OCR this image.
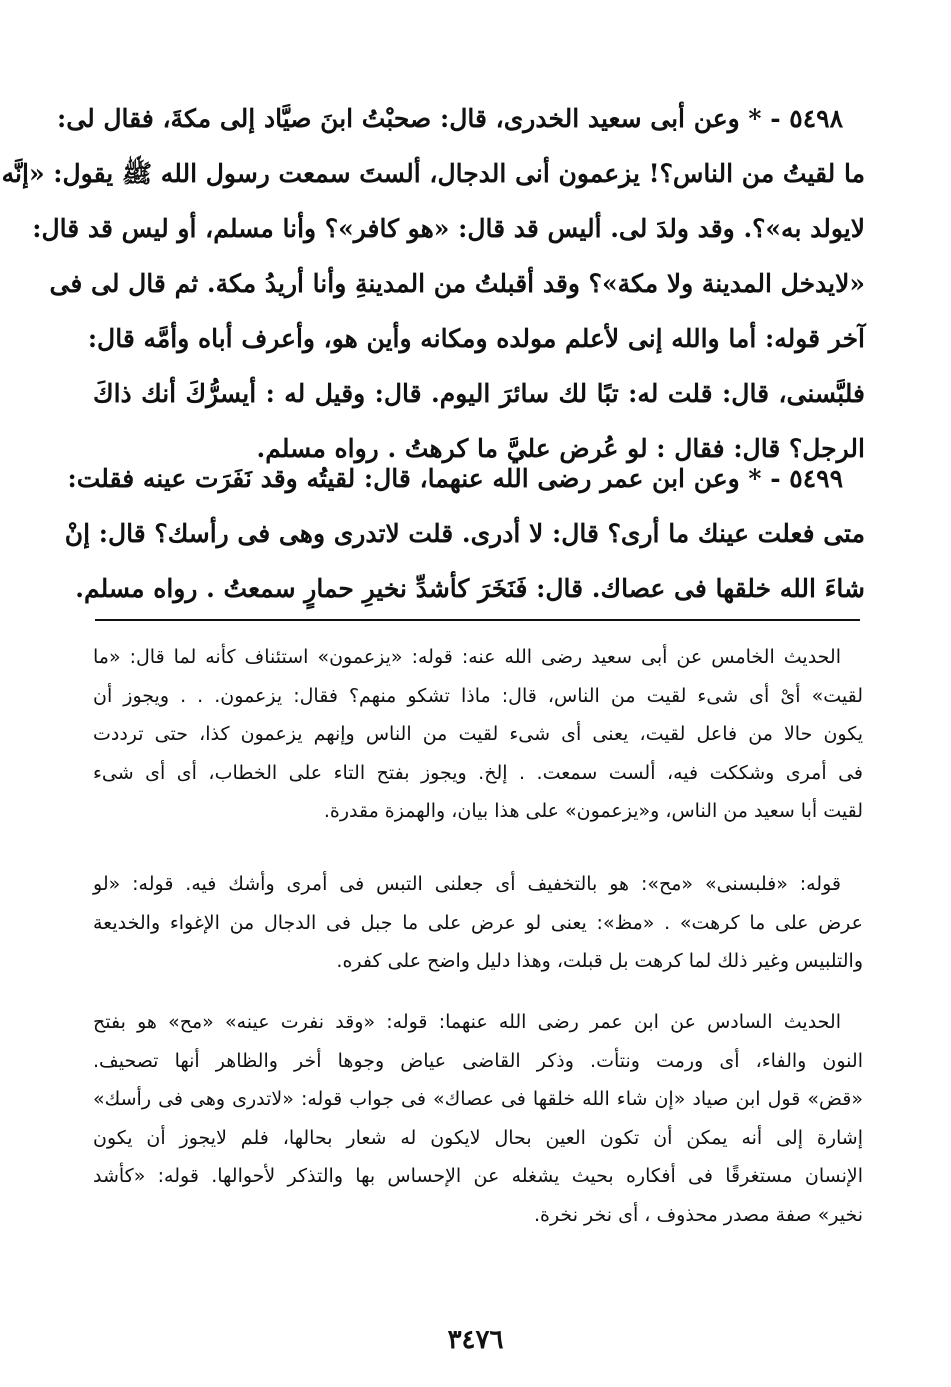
٥٤٩٨ - * وعن أبى سعيد الخدرى، قال: صحبْتُ ابنَ صيَّاد إلى مكةَ، فقال لى:
ما لقيتُ من الناس؟! يزعمون أنى الدجال، ألستَ سمعت رسول الله ﷺ يقول: «إنَّه
لايولد به»؟. وقد ولدَ لى. أليس قد قال: «هو كافر»؟ وأنا مسلم، أو ليس قد قال:
«لايدخل المدينة ولا مكة»؟ وقد أقبلتُ من المدينةِ وأنا أريدُ مكة. ثم قال لى فى
آخر قوله: أما والله إنى لأعلم مولده ومكانه وأين هو، وأعرف أباه وأمَّه قال:
فلبَّسنى، قال: قلت له: تبًا لك سائرَ اليوم. قال: وقيل له : أيسرُّكَ أنك ذاكَ
الرجل؟ قال: فقال : لو عُرض عليَّ ما كرهتُ . رواه مسلم.
٥٤٩٩ - * وعن ابن عمر رضى الله عنهما، قال: لقيتُه وقد نَفَرَت عينه فقلت:
متى فعلت عينك ما أرى؟ قال: لا أدرى. قلت لاتدرى وهى فى رأسك؟ قال: إنْ
شاءَ الله خلقها فى عصاك. قال: فَنَخَرَ كأشدِّ نخيرِ حمارٍ سمعتُ . رواه مسلم.
الحديث الخامس عن أبى سعيد رضى الله عنه: قوله: «يزعمون» استئناف كأنه لما قال: «ما
لقيت» أىْ أى شىء لقيت من الناس، قال: ماذا تشكو منهم؟ فقال: يزعمون. . . ويجوز أن
يكون حالا من فاعل لقيت، يعنى أى شىء لقيت من الناس وإنهم يزعمون كذا، حتى ترددت
فى أمرى وشككت فيه، ألست سمعت. . إلخ. ويجوز بفتح التاء على الخطاب، أى أى شىء
لقيت أبا سعيد من الناس، و«يزعمون» على هذا بيان، والهمزة مقدرة.
قوله: «فلبسنى» «مح»: هو بالتخفيف أى جعلنى التبس فى أمرى وأشك فيه. قوله: «لو
عرض على ما كرهت» . «مظ»: يعنى لو عرض على ما جبل فى الدجال من الإغواء والخديعة
والتلبيس وغير ذلك لما كرهت بل قبلت، وهذا دليل واضح على كفره.
الحديث السادس عن ابن عمر رضى الله عنهما: قوله: «وقد نفرت عينه» «مح» هو بفتح
النون والفاء، أى ورمت ونتأت. وذكر القاضى عياض وجوها أخر والظاهر أنها تصحيف.
«قض» قول ابن صياد «إن شاء الله خلقها فى عصاك» فى جواب قوله: «لاتدرى وهى فى رأسك»
إشارة إلى أنه يمكن أن تكون العين بحال لايكون له شعار بحالها، فلم لايجوز أن يكون
الإنسان مستغرقًا فى أفكاره بحيث يشغله عن الإحساس بها والتذكر لأحوالها. قوله: «كأشد
نخير» صفة مصدر محذوف ، أى نخر نخرة.
٣٤٧٦
